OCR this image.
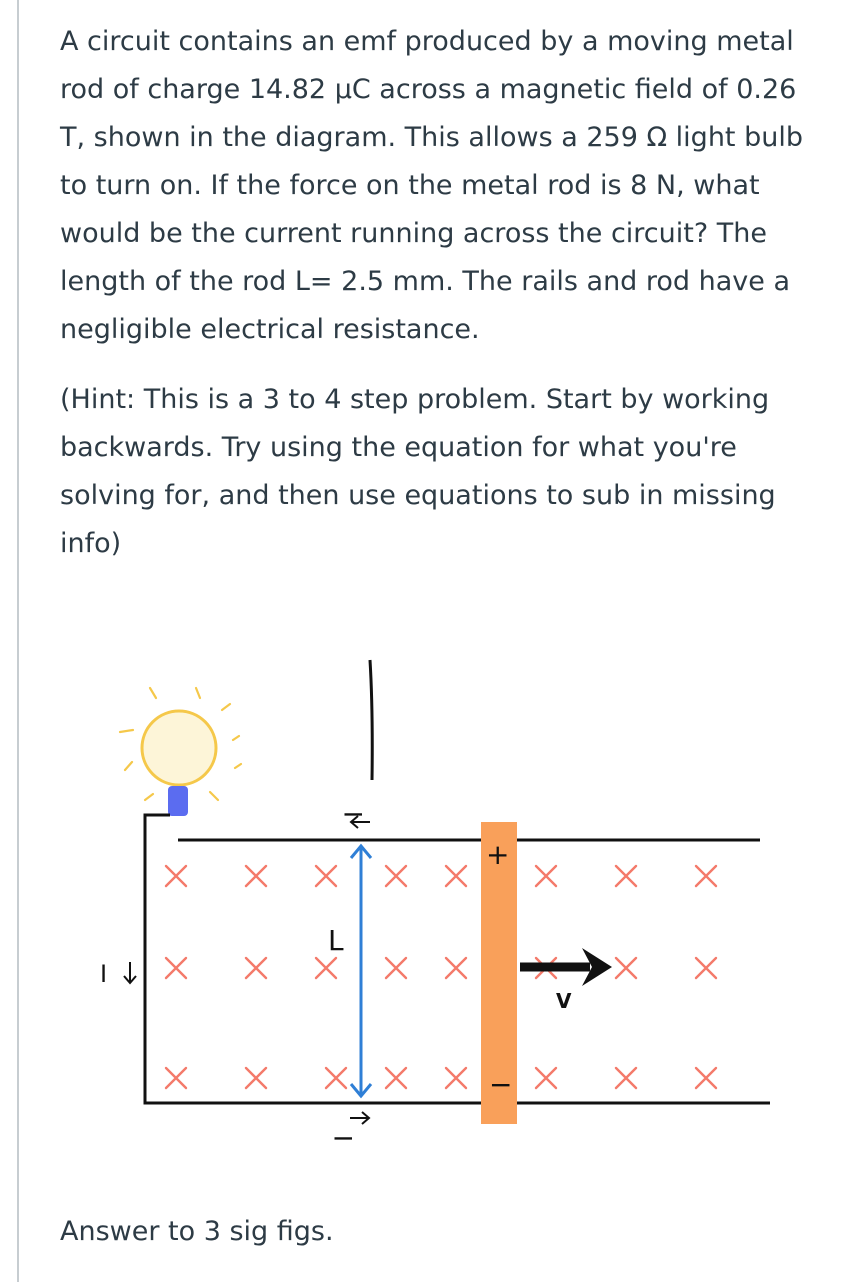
A circuit contains an emf produced by a moving metal rod of charge 14.82 μC across a magnetic field of 0.26 T, shown in the diagram. This allows a 259 Ω light bulb to turn on. If the force on the metal rod is 8 N, what would be the current running across the circuit? The length of the rod L= 2.5 mm. The rails and rod have a negligible electrical resistance.

(Hint: This is a 3 to 4 step problem. Start by working backwards. Try using the equation for what you're solving for, and then use equations to sub in missing info)

I
I
I
L
+
−
V

Answer to 3 sig figs.
